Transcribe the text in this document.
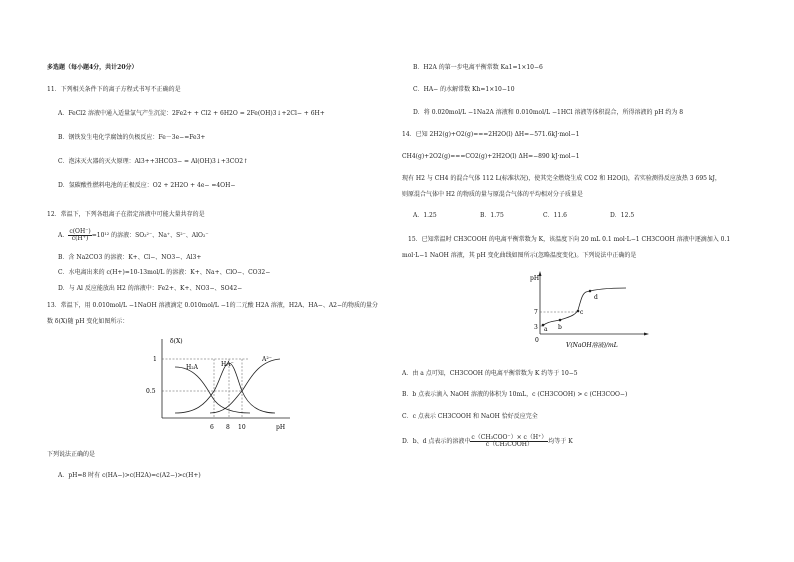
多选题（每小题4分，共计20分）
11．下列相关条件下的离子方程式书写不正确的是
A．FeCl2 溶液中通入适量氯气产生沉淀：2Fe2+ + Cl2 + 6H2O = 2Fe(OH)3↓+2Cl− + 6H+
B．钢铁发生电化学腐蚀的负极反应：Fe－3e−=Fe3+
C．泡沫灭火器的灭火原理：Al3++3HCO3− = Al(OH)3↓+3CO2↑
D．氢碳酸性燃料电池的正极反应：O2 + 2H2O + 4e− =4OH−
12．常温下，下列各组离子在指定溶液中可能大量共存的是
A． $\frac{c(OH^-)}{c(H^+)} =10^{12}$ 的溶液：SO₃²⁻、Na⁺、S²⁻、AlO₂⁻
B．含 Na2CO3 的溶液：K+、Cl−、NO3−、Al3+
C．水电离出来的 c(H+)=10-13mol/L 的溶液：K+、Na+、ClO−、CO32−
D．与 Al 反应能放出 H2 的溶液中：Fe2+、K+、NO3−、SO42−
13．常温下，用 0.010mol/L −1NaOH 溶液滴定 0.010mol/L −1的二元酸 H2A 溶液，H2A、HA−、A2−的物质的量分
数 δ(X)随 pH 变化如图所示：
δ(X)
1
0.5
6 8 10	pH
H₂A	HA⁻
A²⁻
下列说法正确的是
A．pH=8 时有 c(HA−)>c(H2A)=c(A2−)>c(H+)
B．H2A 的第一步电离平衡常数 Ka1=1×10−6
C．HA− 的水解常数 Kh=1×10−10
D．将 0.020mol/L −1Na2A 溶液和 0.010mol/L −1HCl 溶液等体积混合，所得溶液的 pH 约为 8
14．已知 2H2(g)+O2(g)===2H2O(l) ΔH=−571.6kJ·mol−1
CH4(g)+2O2(g)===CO2(g)+2H2O(l) ΔH=−890 kJ·mol−1
现有 H2 与 CH4 的混合气体 112 L(标准状况)，使其完全燃烧生成 CO2 和 H2O(l)，若实验测得反应放热 3 695 kJ，
则原混合气体中 H2 的物质的量与原混合气体的平均相对分子质量是
A．1.25	B．1.75	C．11.6	D．12.5
15．已知常温时 CH3COOH 的电离平衡常数为 K，该温度下向 20 mL 0.1 mol·L−1 CH3COOH 溶液中逐滴加入 0.1
mol·L−1 NaOH 溶液，其 pH 变化曲线如图所示(忽略温度变化)。下列说法中正确的是
pH
7
3
0
V(NaOH溶液)/mL
a b
c
d
A．由 a 点可知，CH3COOH 的电离平衡常数为 K 约等于 10−5
B．b 点表示滴入 NaOH 溶液的体积为 10mL，c (CH3COOH) > c (CH3COO−)
C．c 点表示 CH3COOH 和 NaOH 恰好反应完全
D．b、d 点表示的溶液中 $\frac{\text{c（CH₃COO⁻）× c（H⁺）}}{\text{c（CH₃COOH）}}$ 均等于 K
